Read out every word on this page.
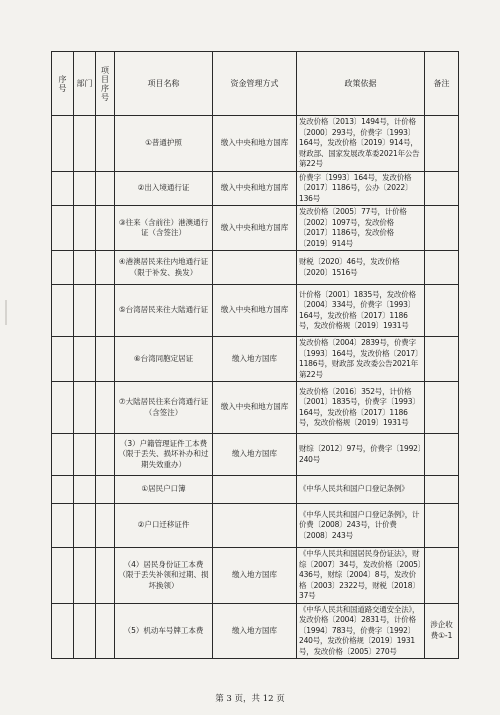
序号	部门	项目序号	项目名称	资金管理方式	政策依据	备注
			①普通护照	缴入中央和地方国库	发改价格〔2013〕1494号，计价格〔2000〕293号，价费字〔1993〕164号，发改价格〔2019〕914号，财政部、国家发展改革委2021年公告第22号	
			②出入境通行证	缴入中央和地方国库	价费字〔1993〕164号，发改价格〔2017〕1186号，公办〔2022〕136号	
			③往来（含前往）港澳通行证（含签注）	缴入中央和地方国库	发改价格〔2005〕77号，计价格〔2002〕1097号，发改价格〔2017〕1186号，发改价格〔2019〕914号	
			④港澳居民来往内地通行证（限于补发、换发）		财税〔2020〕46号，发改价格〔2020〕1516号	
			⑤台湾居民来往大陆通行证	缴入中央和地方国库	计价格〔2001〕1835号，发改价格〔2004〕334号，价费字〔1993〕164号，发改价格〔2017〕1186号，发改价格规〔2019〕1931号	
			⑥台湾同胞定居证	缴入地方国库	发改价格〔2004〕2839号，价费字〔1993〕164号，发改价格〔2017〕1186号，财政部 发改委公告2021年第22号	
			⑦大陆居民往来台湾通行证（含签注）	缴入中央和地方国库	发改价格〔2016〕352号，计价格〔2001〕1835号，价费字〔1993〕164号，发改价格〔2017〕1186号，发改价格规〔2019〕1931号	
			（3）户籍管理证件工本费（限于丢失、损坏补办和过期失效重办）	缴入地方国库	财综〔2012〕97号，价费字〔1992〕240号	
			①居民户口簿		《中华人民共和国户口登记条例》	
			②户口迁移证件		《中华人民共和国户口登记条例》，计价费〔2008〕243号，计价费〔2008〕243号	
			（4）居民身份证工本费（限于丢失补领和过期、损坏换领）	缴入地方国库	《中华人民共和国居民身份证法》，财综〔2007〕34号，发改价格〔2005〕436号，财综〔2004〕8号，发改价格〔2003〕2322号，财税〔2018〕37号	
			（5）机动车号牌工本费	缴入地方国库	《中华人民共和国道路交通安全法》，发改价格〔2004〕2831号，计价格〔1994〕783号，价费字〔1992〕240号，发改价格规〔2019〕1931号，发改价格〔2005〕270号	涉企收费①-1
第 3 页，共 12 页
